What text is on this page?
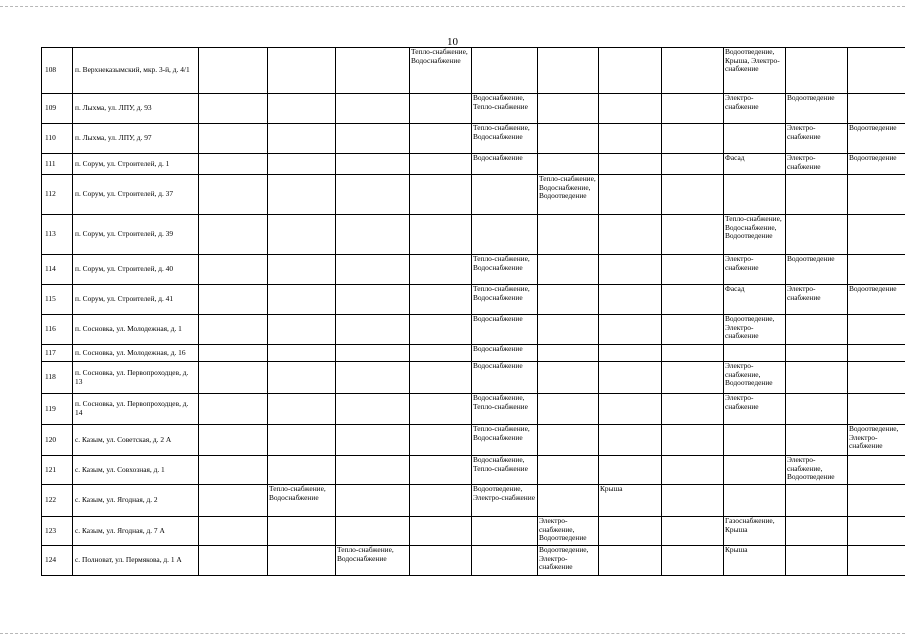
10
108	п. Верхнеказымский, мкр. 3-й, д. 4/1				Тепло-снабжение, Водоснабжение					Водоотведение, Крыша, Электро-снабжение		
109	п. Лыхма, ул. ЛПУ, д. 93					Водоснабжение, Тепло-снабжение				Электро-снабжение	Водоотведение	
110	п. Лыхма, ул. ЛПУ, д. 97					Тепло-снабжение, Водоснабжение					Электро-снабжение	Водоотведение
111	п. Сорум, ул. Строителей, д. 1					Водоснабжение				Фасад	Электро-снабжение	Водоотведение
112	п. Сорум, ул. Строителей, д. 37						Тепло-снабжение, Водоснабжение, Водоотведение					
113	п. Сорум, ул. Строителей, д. 39									Тепло-снабжение, Водоснабжение, Водоотведение		
114	п. Сорум, ул. Строителей, д. 40					Тепло-снабжение, Водоснабжение				Электро-снабжение	Водоотведение	
115	п. Сорум, ул. Строителей, д. 41					Тепло-снабжение, Водоснабжение				Фасад	Электро-снабжение	Водоотведение
116	п. Сосновка, ул. Молодежная, д. 1					Водоснабжение				Водоотведение, Электро-снабжение		
117	п. Сосновка, ул. Молодежная, д. 16					Водоснабжение						
118	п. Сосновка, ул. Первопроходцев, д. 13					Водоснабжение				Электро-снабжение, Водоотведение		
119	п. Сосновка, ул. Первопроходцев, д. 14					Водоснабжение, Тепло-снабжение				Электро-снабжение		
120	с. Казым, ул. Советская, д. 2 А					Тепло-снабжение, Водоснабжение						Водоотведение, Электро-снабжение
121	с. Казым, ул. Совхозная, д. 1					Водоснабжение, Тепло-снабжение					Электро-снабжение, Водоотведение	
122	с. Казым, ул. Ягодная, д. 2		Тепло-снабжение, Водоснабжение			Водоотведение, Электро-снабжение		Крыша				
123	с. Казым, ул. Ягодная, д. 7 А						Электро-снабжение, Водоотведение			Газоснабжение, Крыша		
124	с. Полноват, ул. Пермякова, д. 1 А			Тепло-снабжение, Водоснабжение			Водоотведение, Электро-снабжение			Крыша		
